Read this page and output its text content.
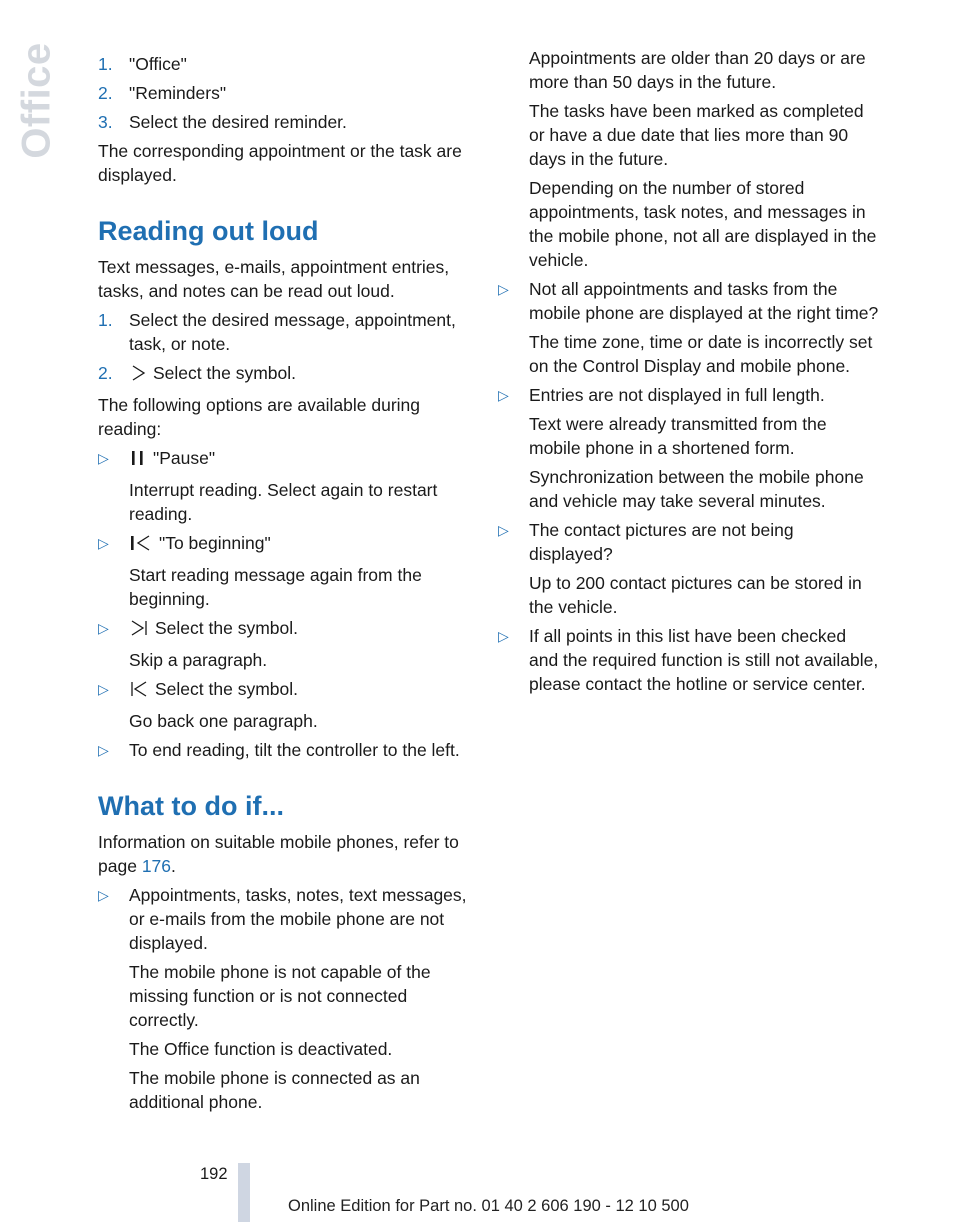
Office 1. "Office"
2. "Reminders"
3. Select the desired reminder.

The corresponding appointment or the task are displayed.

Reading out loud

Text messages, e-mails, appointment entries, tasks, and notes can be read out loud.

1. Select the desired message, appointment, task, or note.
2. Select the symbol.

The following options are available during reading:

▷	"Pause"
Interrupt reading. Select again to restart reading.
▷	"To beginning"
Start reading message again from the beginning.
▷	Select the symbol.
Skip a paragraph.
▷	Select the symbol.
Go back one paragraph.
▷ To end reading, tilt the controller to the left.
What to do if...

Information on suitable mobile phones, refer to page 176.

▷ Appointments, tasks, notes, text messages, or e-mails from the mobile phone are not displayed.
The mobile phone is not capable of the missing function or is not connected correctly.
The Office function is deactivated.
The mobile phone is connected as an additional phone.

Appointments are older than 20 days or are more than 50 days in the future.

The tasks have been marked as completed or have a due date that lies more than 90 days in the future.

Depending on the number of stored appointments, task notes, and messages in the mobile phone, not all are displayed in the vehicle.

▷ Not all appointments and tasks from the mobile phone are displayed at the right time?
The time zone, time or date is incorrectly set on the Control Display and mobile phone.
▷ Entries are not displayed in full length.
Text were already transmitted from the mobile phone in a shortened form.
Synchronization between the mobile phone and vehicle may take several minutes.
▷ The contact pictures are not being displayed?
Up to 200 contact pictures can be stored in the vehicle.
▷ If all points in this list have been checked and the required function is still not available, please contact the hotline or service center.
192
Online Edition for Part no. 01 40 2 606 190 - 12 10 500
